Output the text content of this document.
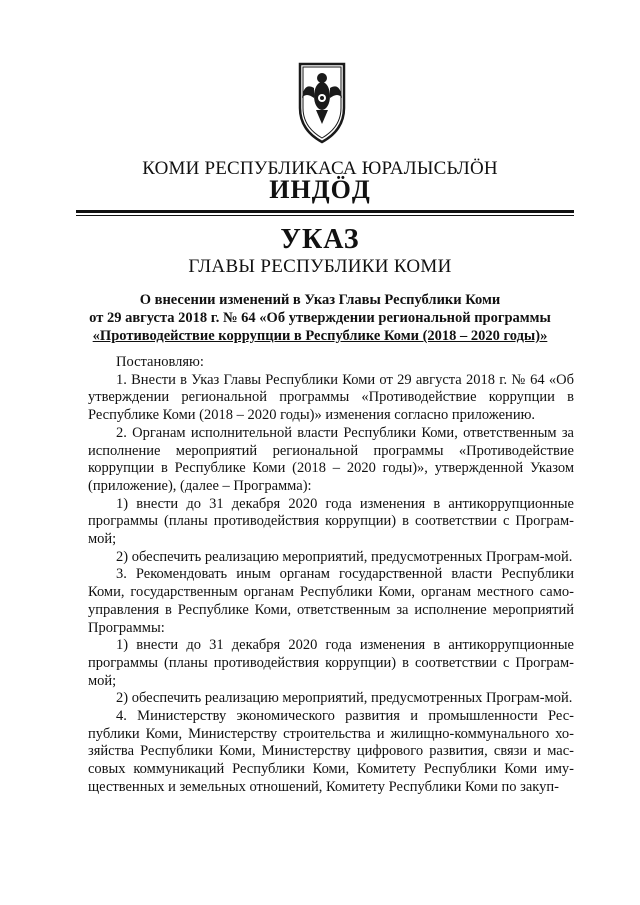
КОМИ РЕСПУБЛИКАСА ЮРАЛЫСЬЛӦН
ИНДӦД
УКАЗ
ГЛАВЫ РЕСПУБЛИКИ КОМИ
О внесении изменений в Указ Главы Республики Коми
от 29 августа 2018 г. № 64 «Об утверждении региональной программы
«Противодействие коррупции в Республике Коми (2018 – 2020 годы)»

Постановляю:

1. Внести в Указ Главы Республики Коми от 29 августа 2018 г. № 64 «Об утверждении региональной программы «Противодействие коррупции в Республике Коми (2018 – 2020 годы)» изменения согласно приложению.

2. Органам исполнительной власти Республики Коми, ответственным за исполнение мероприятий региональной программы «Противодействие коррупции в Республике Коми (2018 – 2020 годы)», утвержденной Указом (приложение), (далее – Программа):

1) внести до 31 декабря 2020 года изменения в антикоррупционные программы (планы противодействия коррупции) в соответствии с Програм-мой;

2) обеспечить реализацию мероприятий, предусмотренных Програм-мой.

3. Рекомендовать иным органам государственной власти Республики Коми, государственным органам Республики Коми, органам местного само-управления в Республике Коми, ответственным за исполнение мероприятий Программы:

1) внести до 31 декабря 2020 года изменения в антикоррупционные программы (планы противодействия коррупции) в соответствии с Програм-мой;

2) обеспечить реализацию мероприятий, предусмотренных Програм-мой.

4. Министерству экономического развития и промышленности Рес-публики Коми, Министерству строительства и жилищно-коммунального хо-зяйства Республики Коми, Министерству цифрового развития, связи и мас-совых коммуникаций Республики Коми, Комитету Республики Коми иму-щественных и земельных отношений, Комитету Республики Коми по закуп-
